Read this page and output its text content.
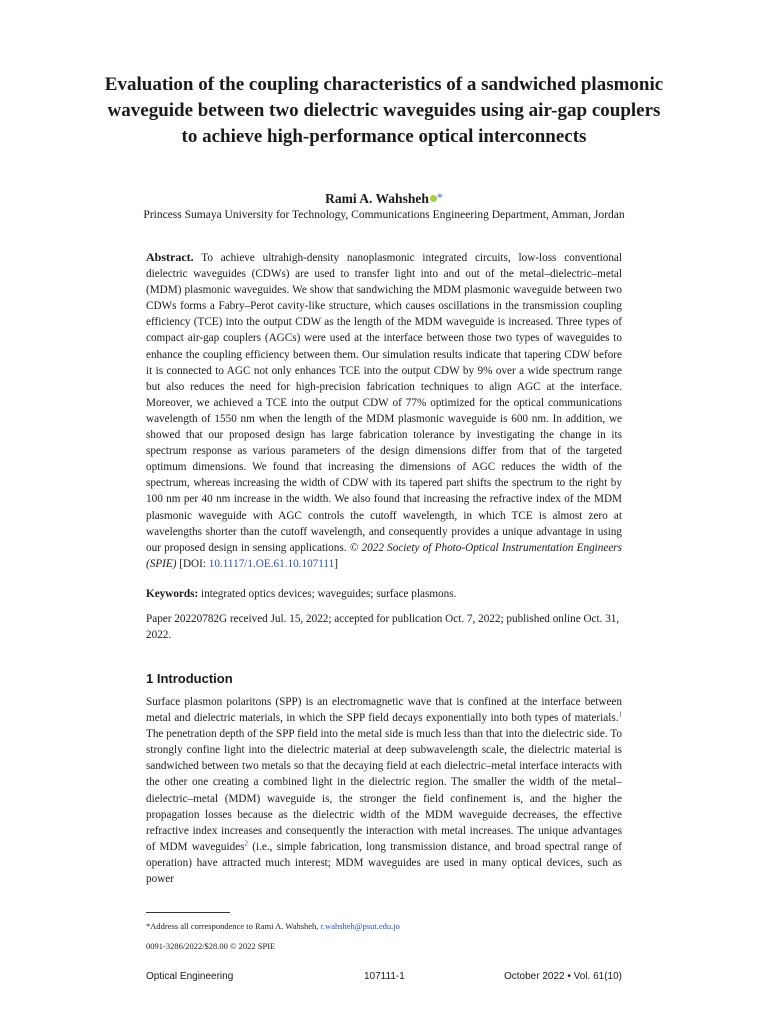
Evaluation of the coupling characteristics of a sandwiched plasmonic waveguide between two dielectric waveguides using air-gap couplers to achieve high-performance optical interconnects
Rami A. Wahsheh *
Princess Sumaya University for Technology, Communications Engineering Department, Amman, Jordan

Abstract. To achieve ultrahigh-density nanoplasmonic integrated circuits, low-loss conventional dielectric waveguides (CDWs) are used to transfer light into and out of the metal–dielectric–metal (MDM) plasmonic waveguides. We show that sandwiching the MDM plasmonic waveguide between two CDWs forms a Fabry–Perot cavity-like structure, which causes oscillations in the transmission coupling efficiency (TCE) into the output CDW as the length of the MDM waveguide is increased. Three types of compact air-gap couplers (AGCs) were used at the interface between those two types of waveguides to enhance the coupling efficiency between them. Our simulation results indicate that tapering CDW before it is connected to AGC not only enhances TCE into the output CDW by 9% over a wide spectrum range but also reduces the need for high-precision fabrication techniques to align AGC at the interface. Moreover, we achieved a TCE into the output CDW of 77% optimized for the optical communications wavelength of 1550 nm when the length of the MDM plasmonic waveguide is 600 nm. In addition, we showed that our proposed design has large fabrication tolerance by investigating the change in its spectrum response as various parameters of the design dimensions differ from that of the targeted optimum dimensions. We found that increasing the dimensions of AGC reduces the width of the spectrum, whereas increasing the width of CDW with its tapered part shifts the spectrum to the right by 100 nm per 40 nm increase in the width. We also found that increasing the refractive index of the MDM plasmonic waveguide with AGC controls the cutoff wavelength, in which TCE is almost zero at wavelengths shorter than the cutoff wavelength, and consequently provides a unique advantage in using our proposed design in sensing applications. © 2022 Society of Photo-Optical Instrumentation Engineers (SPIE) [DOI: 10.1117/1.OE.61.10.107111]

Keywords: integrated optics devices; waveguides; surface plasmons.

Paper 20220782G received Jul. 15, 2022; accepted for publication Oct. 7, 2022; published online Oct. 31, 2022.

1 Introduction

Surface plasmon polaritons (SPP) is an electromagnetic wave that is confined at the interface between metal and dielectric materials, in which the SPP field decays exponentially into both types of materials.$^1$ The penetration depth of the SPP field into the metal side is much less than that into the dielectric side. To strongly confine light into the dielectric material at deep subwavelength scale, the dielectric material is sandwiched between two metals so that the decaying field at each dielectric–metal interface interacts with the other one creating a combined light in the dielectric region. The smaller the width of the metal–dielectric–metal (MDM) waveguide is, the stronger the field confinement is, and the higher the propagation losses because as the dielectric width of the MDM waveguide decreases, the effective refractive index increases and consequently the interaction with metal increases. The unique advantages of MDM waveguides$^2$ (i.e., simple fabrication, long transmission distance, and broad spectral range of operation) have attracted much interest; MDM waveguides are used in many optical devices, such as power

*Address all correspondence to Rami A. Wahsheh, r.wahsheh@psut.edu.jo
0091-3286/2022/$28.00 © 2022 SPIE
Optical Engineering	107111-1	October 2022 • Vol. 61(10)
